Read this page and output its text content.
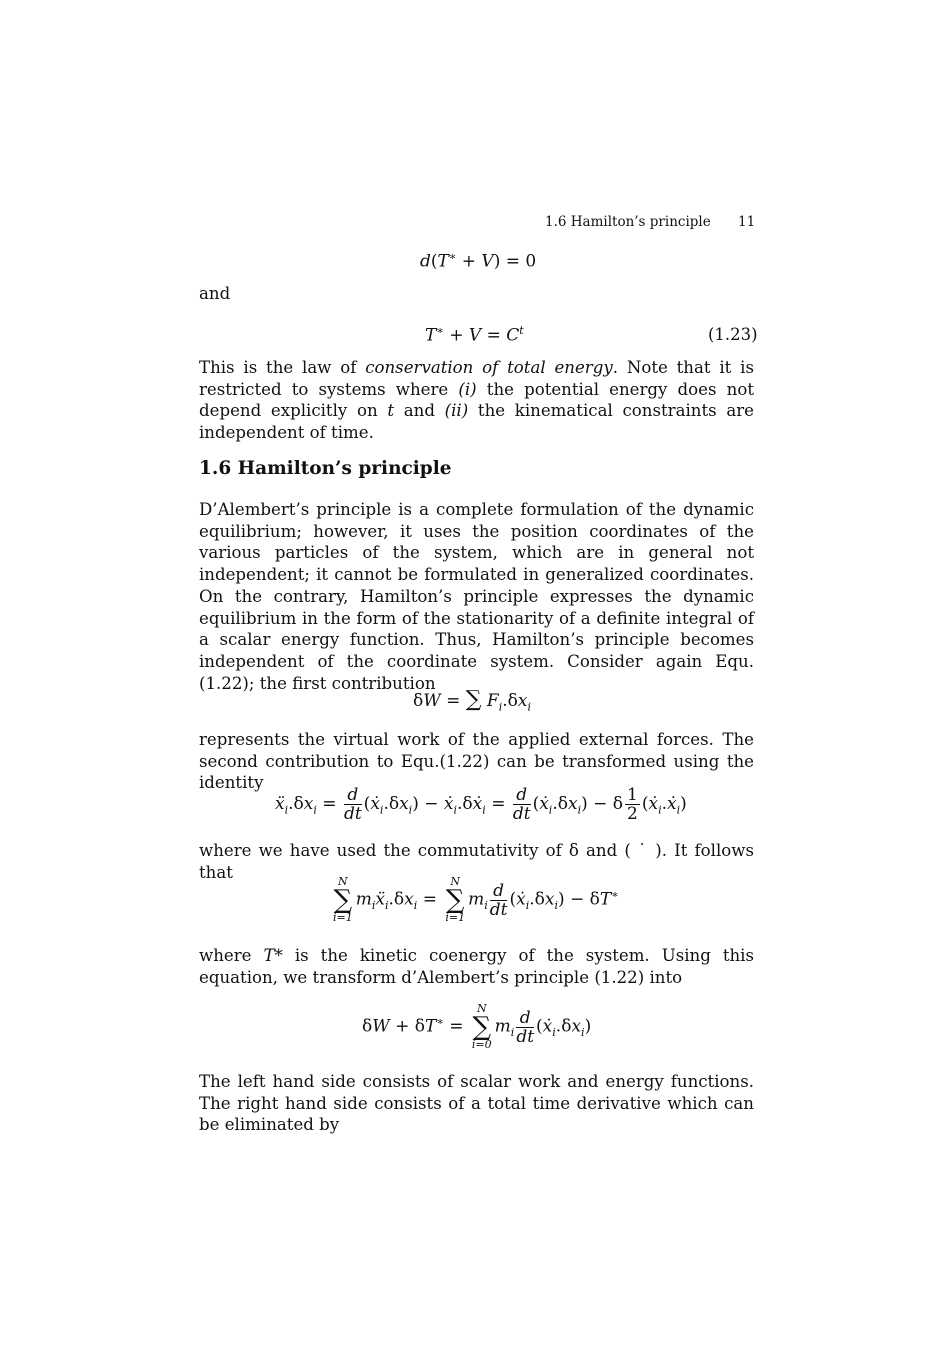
1.6 Hamilton’s principle 11
d(T∗ + V) = 0
and
$T^∗ + V = C^t$	(1.23)
This is the law of conservation of total energy. Note that it is restricted to systems where (i) the potential energy does not depend explicitly on t and (ii) the kinematical constraints are independent of time.
1.6 Hamilton’s principle
D’Alembert’s principle is a complete formulation of the dynamic equilibrium; however, it uses the position coordinates of the various particles of the system, which are in general not independent; it cannot be formulated in generalized coordinates. On the contrary, Hamilton’s principle expresses the dynamic equilibrium in the form of the stationarity of a definite integral of a scalar energy function. Thus, Hamilton’s principle becomes independent of the coordinate system. Consider again Equ.(1.22); the first contribution
δW = ∑ $F_i.\delta x_i$
represents the virtual work of the applied external forces. The second contribution to Equ.(1.22) can be transformed using the identity
$ẍ_i.\delta x_i = \frac{d}{dt}$ $(ẋ_i.\delta x_i)$ − ẋ$_i$.δẋ$_i$ = $\frac{d}{dt}$ $(ẋ_i.\delta x_i) - \delta \frac{1}{2}$ (ẋ$_i$.ẋ$_i$)
where we have used the commutativity of δ and ( ˙ ). It follows that	N
∑
i=1
$m_iẍ_i.\delta x_i$ =
N
∑
i=1
$m_i \frac{d}{dt}$ $(ẋ_i.\delta x_i) - \delta T^∗$
where T* is the kinetic coenergy of the system. Using this equation, we transform d’Alembert’s principle (1.22) into
δW + δT∗ =
N
∑
i=0
$m_i \frac{d}{dt}$ $(ẋ_i.\delta x_i)$
The left hand side consists of scalar work and energy functions. The right hand side consists of a total time derivative which can be eliminated by
